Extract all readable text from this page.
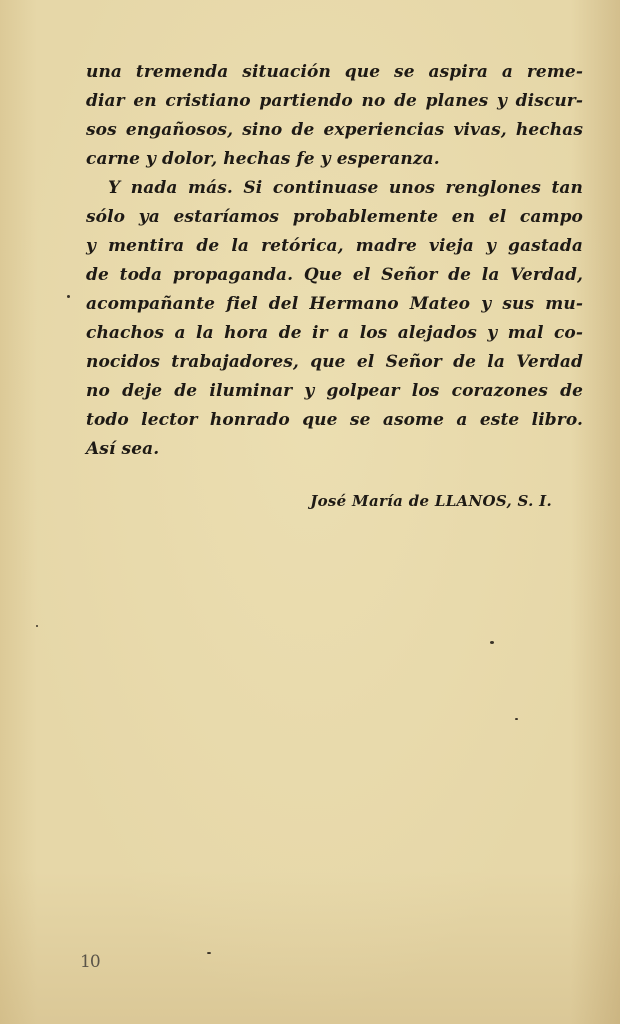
una tremenda situación que se aspira a reme-
diar en cristiano partiendo no de planes y discur-
sos engañosos, sino de experiencias vivas, hechas
carne y dolor, hechas fe y esperanza.
Y nada más. Si continuase unos renglones tan
sólo ya estaríamos probablemente en el campo
y mentira de la retórica, madre vieja y gastada
de toda propaganda. Que el Señor de la Verdad,
acompañante fiel del Hermano Mateo y sus mu-
chachos a la hora de ir a los alejados y mal co-
nocidos trabajadores, que el Señor de la Verdad
no deje de iluminar y golpear los corazones de
todo lector honrado que se asome a este libro.
Así sea.
José María de LLANOS, S. I.
10
